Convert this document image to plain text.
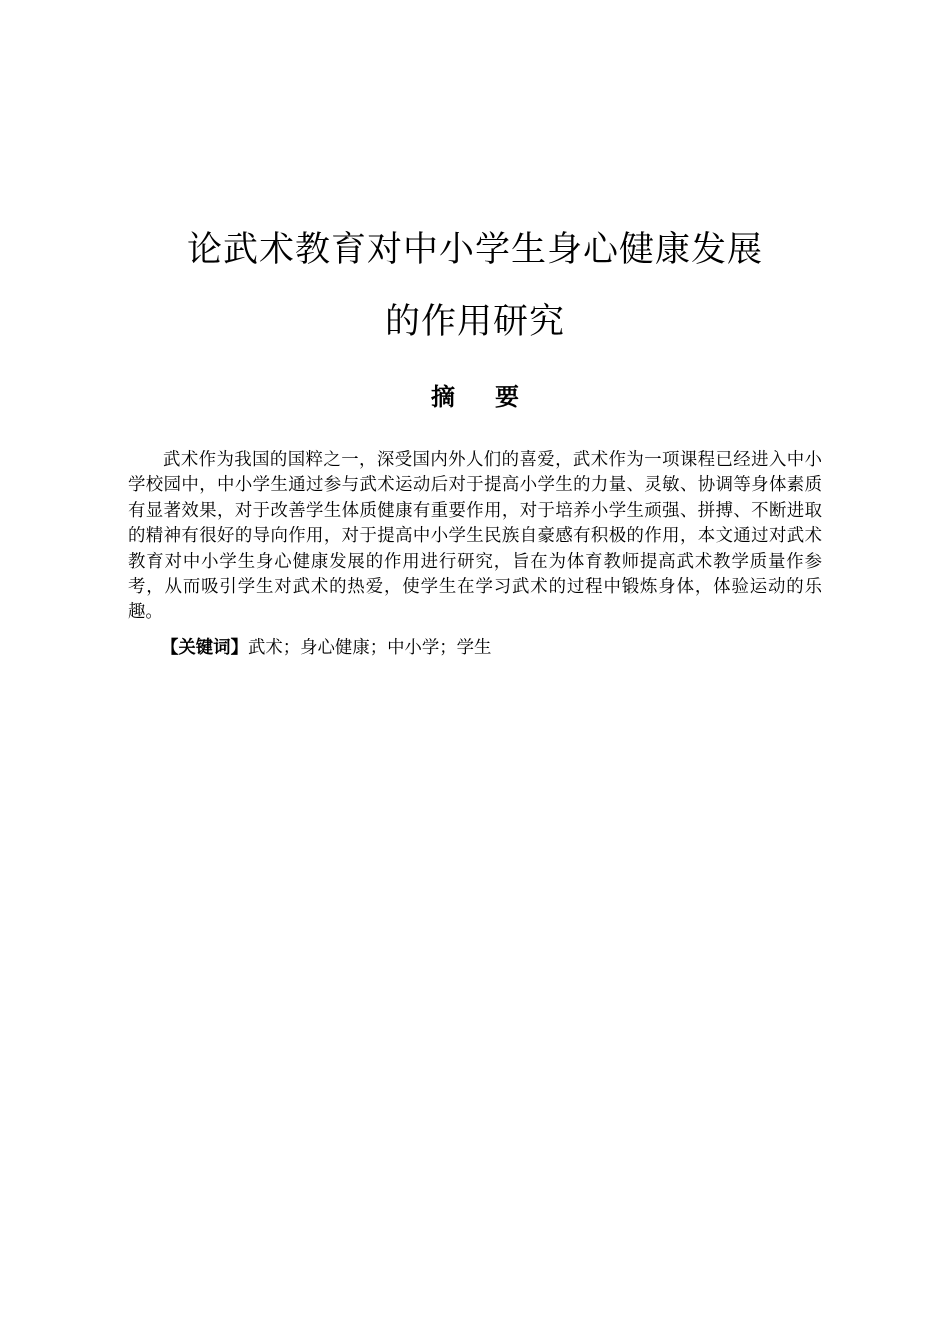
论武术教育对中小学生身心健康发展
的作用研究
摘要

武术作为我国的国粹之一，深受国内外人们的喜爱，武术作为一项课程已经进入中小学校园中，中小学生通过参与武术运动后对于提高小学生的力量、灵敏、协调等身体素质有显著效果，对于改善学生体质健康有重要作用，对于培养小学生顽强、拼搏、不断进取的精神有很好的导向作用，对于提高中小学生民族自豪感有积极的作用，本文通过对武术教育对中小学生身心健康发展的作用进行研究，旨在为体育教师提高武术教学质量作参考，从而吸引学生对武术的热爱，使学生在学习武术的过程中锻炼身体，体验运动的乐趣。

【关键词】武术；身心健康；中小学；学生
